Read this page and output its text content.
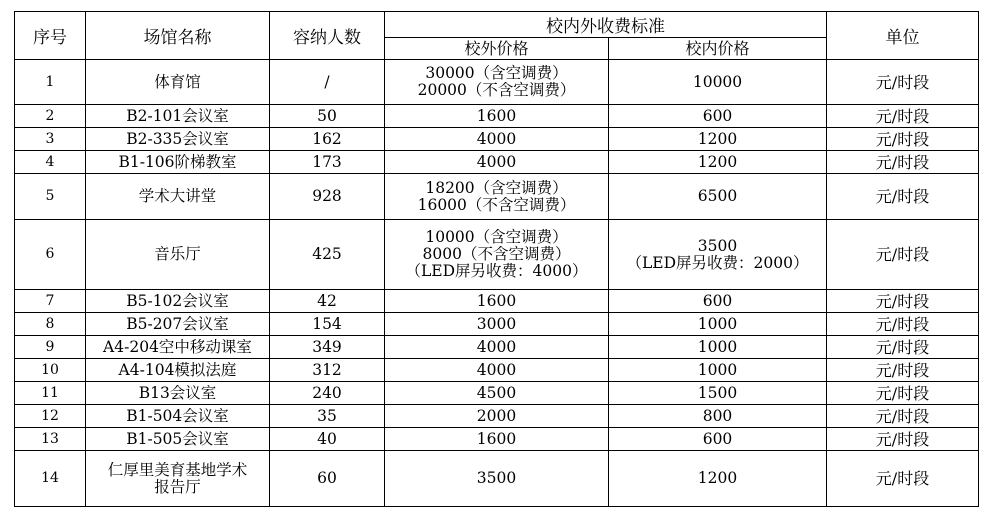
序号	场馆名称	容纳人数	校内外收费标准		单位
			校外价格	校内价格	
1	体育馆	/	30000（含空调费）
20000（不含空调费）	10000	元/时段
2	B2-101会议室	50	1600	600	元/时段
3	B2-335会议室	162	4000	1200	元/时段
4	B1-106阶梯教室	173	4000	1200	元/时段
5	学术大讲堂	928	18200（含空调费）
16000（不含空调费）	6500	元/时段
6	音乐厅	425	10000（含空调费）
8000（不含空调费）
（LED屏另收费：4000）	3500
（LED屏另收费：2000）	元/时段
7	B5-102会议室	42	1600	600	元/时段
8	B5-207会议室	154	3000	1000	元/时段
9	A4-204空中移动课室	349	4000	1000	元/时段
10	A4-104模拟法庭	312	4000	1000	元/时段
11	B13会议室	240	4500	1500	元/时段
12	B1-504会议室	35	2000	800	元/时段
13	B1-505会议室	40	1600	600	元/时段
14	仁厚里美育基地学术
报告厅	60	3500	1200	元/时段
